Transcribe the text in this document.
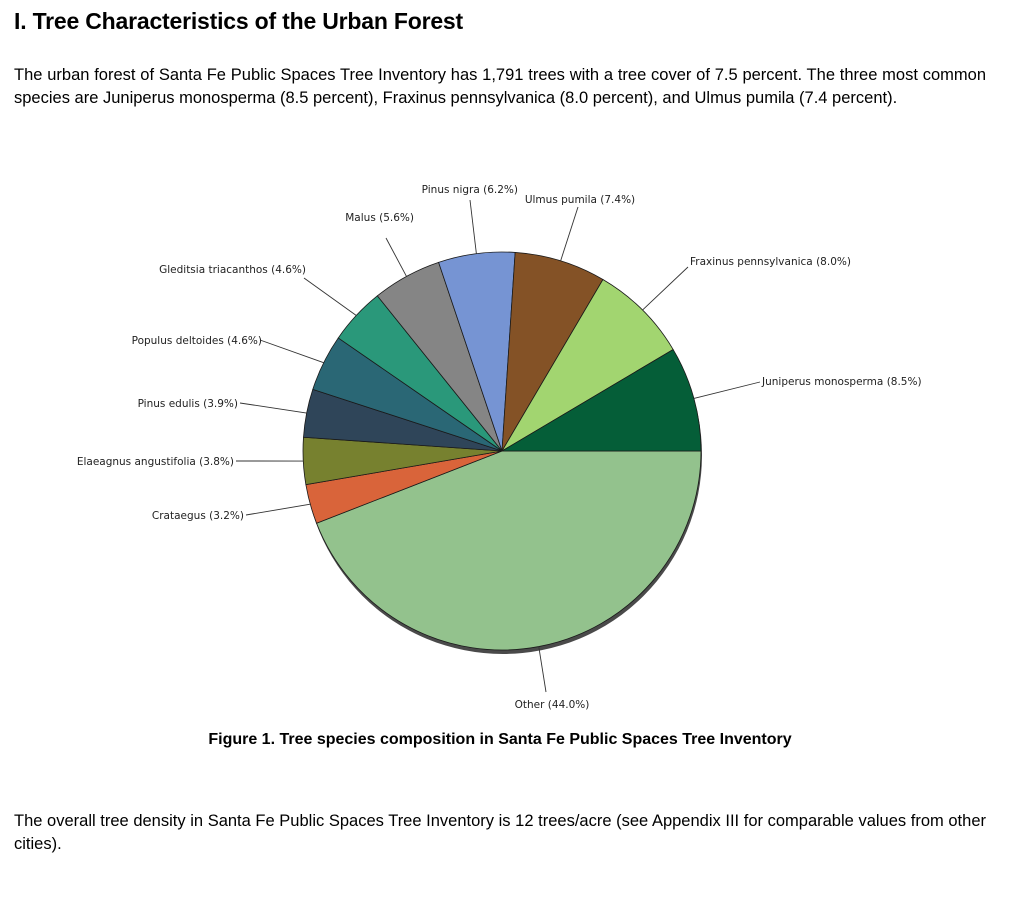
I. Tree Characteristics of the Urban Forest

The urban forest of Santa Fe Public Spaces Tree Inventory has 1,791 trees with a tree cover of 7.5 percent. The three most common species are Juniperus monosperma (8.5 percent), Fraxinus pennsylvanica (8.0 percent), and Ulmus pumila (7.4 percent).

Other (44.0%)
Crataegus (3.2%)
Elaeagnus angustifolia (3.8%)
Pinus edulis (3.9%)
Populus deltoides (4.6%)
Gleditsia triacanthos (4.6%)
Malus (5.6%)
Pinus nigra (6.2%)
Ulmus pumila (7.4%)
Fraxinus pennsylvanica (8.0%)
Juniperus monosperma (8.5%)

Figure 1. Tree species composition in Santa Fe Public Spaces Tree Inventory

The overall tree density in Santa Fe Public Spaces Tree Inventory is 12 trees/acre (see Appendix III for comparable values from other cities).
